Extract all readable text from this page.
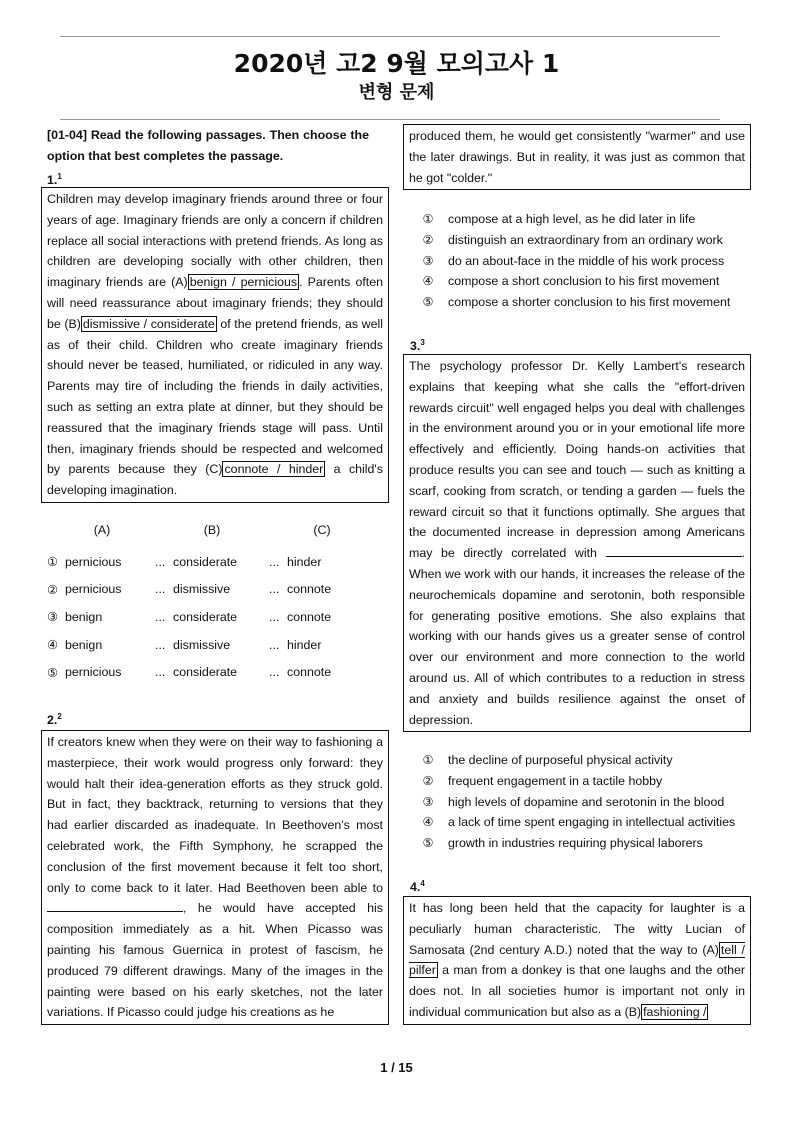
2020년 고2 9월 모의고사 1
변형 문제
[01-04] Read the following passages. Then choose the option that best completes the passage.
1.$^1$
Children may develop imaginary friends around three or four years of age. Imaginary friends are only a concern if children replace all social interactions with pretend friends. As long as children are developing socially with other children, then imaginary friends are (A) benign / pernicious . Parents often will need reassurance about imaginary friends; they should be (B) dismissive / considerate of the pretend friends, as well as of their child. Children who create imaginary friends should never be teased, humiliated, or ridiculed in any way. Parents may tire of including the friends in daily activities, such as setting an extra plate at dinner, but they should be reassured that the imaginary friends stage will pass. Until then, imaginary friends should be respected and welcomed by parents because they (C) connote / hinder a child's developing imagination.
(A)	(B)	(C)
① pernicious	... considerate	... hinder
② pernicious	... dismissive	... connote
③ benign	... considerate	... connote
④ benign	... dismissive	... hinder
⑤ pernicious	... considerate	... connote
2.$^2$
If creators knew when they were on their way to fashioning a masterpiece, their work would progress only forward: they would halt their idea-generation efforts as they struck gold. But in fact, they backtrack, returning to versions that they had earlier discarded as inadequate. In Beethoven's most celebrated work, the Fifth Symphony, he scrapped the conclusion of the first movement because it felt too short, only to come back to it later. Had Beethoven been able to , he would have accepted his composition immediately as a hit. When Picasso was painting his famous Guernica in protest of fascism, he produced 79 different drawings. Many of the images in the painting were based on his early sketches, not the later variations. If Picasso could judge his creations as he
produced them, he would get consistently "warmer" and use the later drawings. But in reality, it was just as common that he got "colder."
①	compose at a high level, as he did later in life
②	distinguish an extraordinary from an ordinary work
③	do an about-face in the middle of his work process
④	compose a short conclusion to his first movement
⑤	compose a shorter conclusion to his first movement
3.$^3$
The psychology professor Dr. Kelly Lambert's research explains that keeping what she calls the "effort-driven rewards circuit" well engaged helps you deal with challenges in the environment around you or in your emotional life more effectively and efficiently. Doing hands-on activities that produce results you can see and touch — such as knitting a scarf, cooking from scratch, or tending a garden — fuels the reward circuit so that it functions optimally. She argues that the documented increase in depression among Americans may be directly correlated with	. When we work with our hands, it increases the release of the neurochemicals dopamine and serotonin, both responsible for generating positive emotions. She also explains that working with our hands gives us a greater sense of control over our environment and more connection to the world around us. All of which contributes to a reduction in stress and anxiety and builds resilience against the onset of depression.
①	the decline of purposeful physical activity
②	frequent engagement in a tactile hobby
③	high levels of dopamine and serotonin in the blood
④	a lack of time spent engaging in intellectual activities
⑤	growth in industries requiring physical laborers
4.$^4$
It has long been held that the capacity for laughter is a peculiarly human characteristic. The witty Lucian of Samosata (2nd century A.D.) noted that the way to (A) tell / pilfer a man from a donkey is that one laughs and the other does not. In all societies humor is important not only in individual communication but also as a (B) fashioning /
1 / 15
